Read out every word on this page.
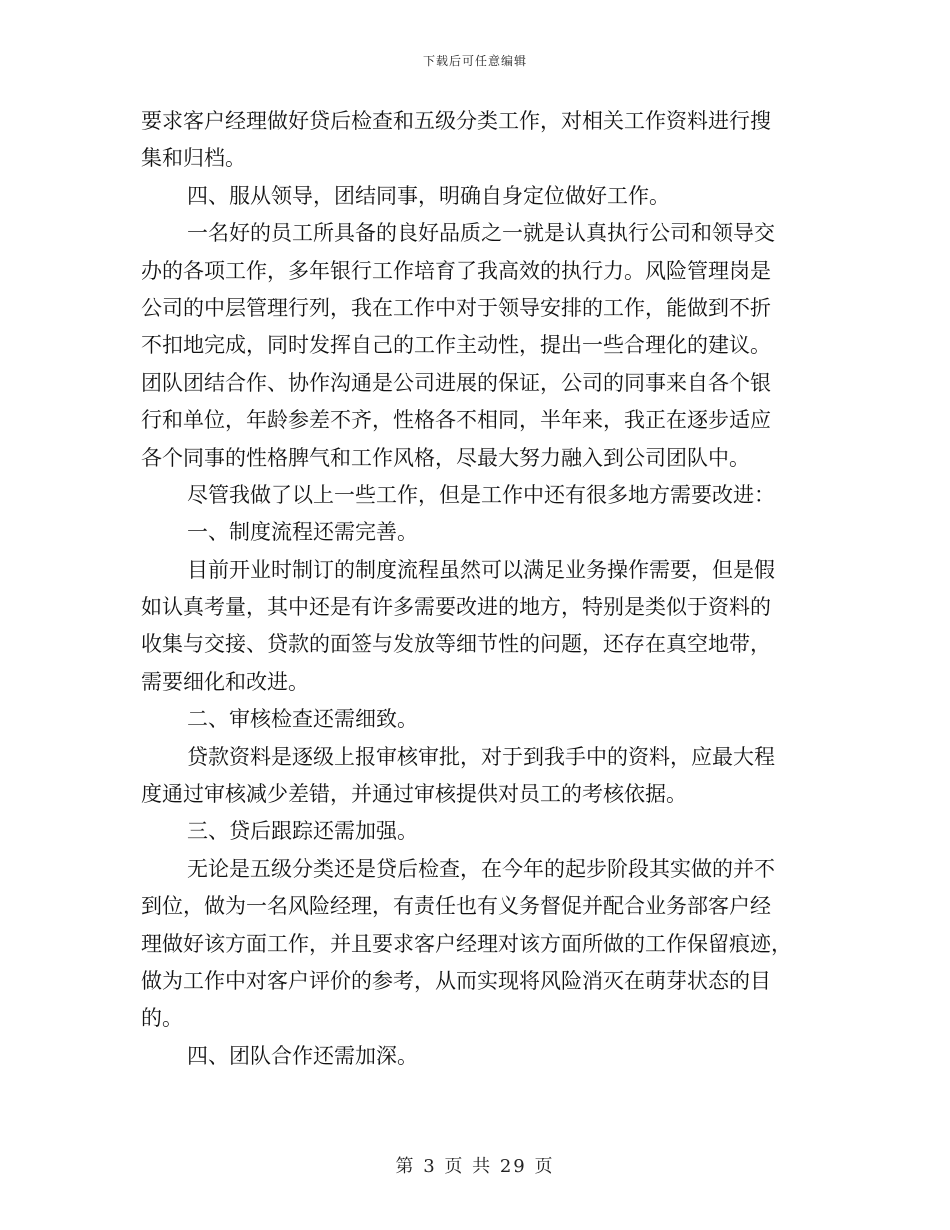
下载后可任意编辑
要求客户经理做好贷后检查和五级分类工作，对相关工作资料进行搜
集和归档。
四、服从领导，团结同事，明确自身定位做好工作。
一名好的员工所具备的良好品质之一就是认真执行公司和领导交
办的各项工作，多年银行工作培育了我高效的执行力。风险管理岗是
公司的中层管理行列，我在工作中对于领导安排的工作，能做到不折
不扣地完成，同时发挥自己的工作主动性，提出一些合理化的建议。
团队团结合作、协作沟通是公司进展的保证，公司的同事来自各个银
行和单位，年龄参差不齐，性格各不相同，半年来，我正在逐步适应
各个同事的性格脾气和工作风格，尽最大努力融入到公司团队中。
尽管我做了以上一些工作，但是工作中还有很多地方需要改进：
一、制度流程还需完善。
目前开业时制订的制度流程虽然可以满足业务操作需要，但是假
如认真考量，其中还是有许多需要改进的地方，特别是类似于资料的
收集与交接、贷款的面签与发放等细节性的问题，还存在真空地带，
需要细化和改进。
二、审核检查还需细致。
贷款资料是逐级上报审核审批，对于到我手中的资料，应最大程
度通过审核减少差错，并通过审核提供对员工的考核依据。
三、贷后跟踪还需加强。
无论是五级分类还是贷后检查，在今年的起步阶段其实做的并不
到位，做为一名风险经理，有责任也有义务督促并配合业务部客户经
理做好该方面工作，并且要求客户经理对该方面所做的工作保留痕迹，
做为工作中对客户评价的参考，从而实现将风险消灭在萌芽状态的目
的。
四、团队合作还需加深。
第 3 页 共 29 页
